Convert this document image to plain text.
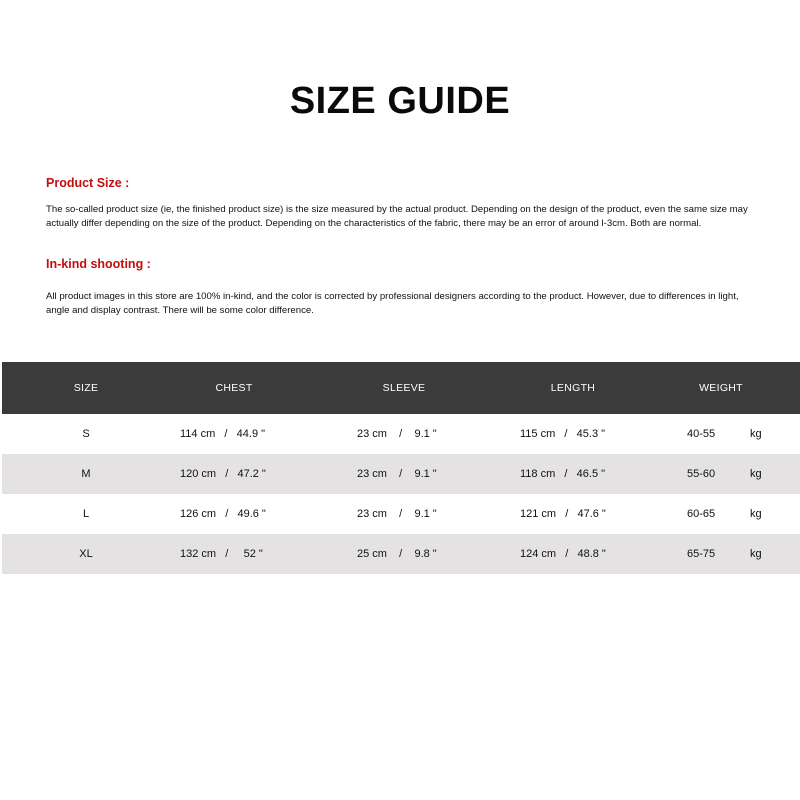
SIZE GUIDE
Product Size :
The so-called product size (ie, the finished product size) is the size measured by the actual product. Depending on the design of the product, even the same size may actually differ depending on the size of the product. Depending on the characteristics of the fabric, there may be an error of around l-3cm. Both are normal.
In-kind shooting :
All product images in this store are 100% in-kind, and the color is corrected by professional designers according to the product. However, due to differences in light, angle and display contrast. There will be some color difference.
SIZE	CHEST	SLEEVE	LENGTH	WEIGHT
S	114 cm   /   44.9 "	23 cm    /    9.1 "	115 cm   /   45.3 "	40-55	kg
M	120 cm   /   47.2 "	23 cm    /    9.1 "	118 cm   /   46.5 "	55-60	kg
L	126 cm   /   49.6 "	23 cm    /    9.1 "	121 cm   /   47.6 "	60-65	kg
XL	132 cm   /     52 "	25 cm    /    9.8 "	124 cm   /   48.8 "	65-75	kg
